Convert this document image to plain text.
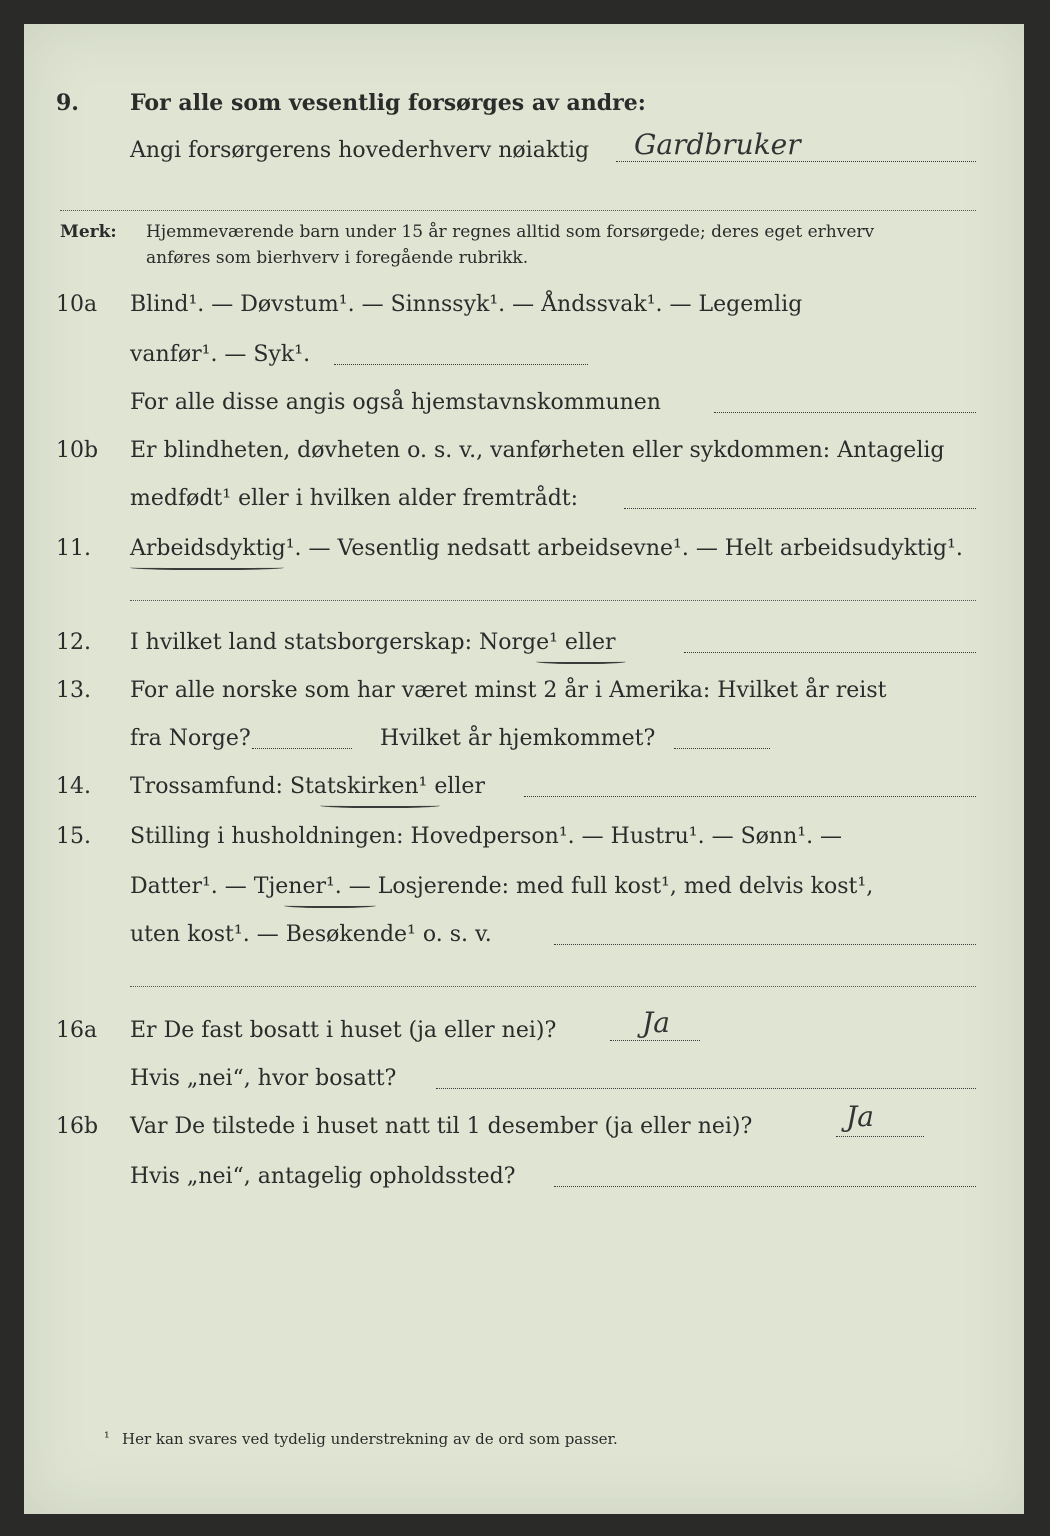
9. For alle som vesentlig forsørges av andre:
Angi forsørgerens hovederhverv nøiaktig	Gardbruker
Merk:	Hjemmeværende barn under 15 år regnes alltid som forsørgede; deres eget erhverv
anføres som bierhverv i foregående rubrikk.
10a Blind¹. — Døvstum¹. — Sinnssyk¹. — Åndssvak¹. — Legemlig
vanfør¹. — Syk¹.
For alle disse angis også hjemstavnskommunen
10b Er blindheten, døvheten o. s. v., vanførheten eller sykdommen: Antagelig
medfødt¹ eller i hvilken alder fremtrådt:
11. Arbeidsdyktig¹. — Vesentlig nedsatt arbeidsevne¹. — Helt arbeidsudyktig¹.
12. I hvilket land statsborgerskap: Norge¹ eller
13. For alle norske som har været minst 2 år i Amerika: Hvilket år reist
fra Norge?	Hvilket år hjemkommet?
14. Trossamfund: Statskirken¹ eller
15. Stilling i husholdningen: Hovedperson¹. — Hustru¹. — Sønn¹. —
Datter¹. — Tjener¹. — Losjerende: med full kost¹, med delvis kost¹,
uten kost¹. — Besøkende¹ o. s. v.
16a Er De fast bosatt i huset (ja eller nei)?	Ja
Hvis „nei“, hvor bosatt?
16b Var De tilstede i huset natt til 1 desember (ja eller nei)?	Ja
Hvis „nei“, antagelig opholdssted?
¹ Her kan svares ved tydelig understrekning av de ord som passer.
